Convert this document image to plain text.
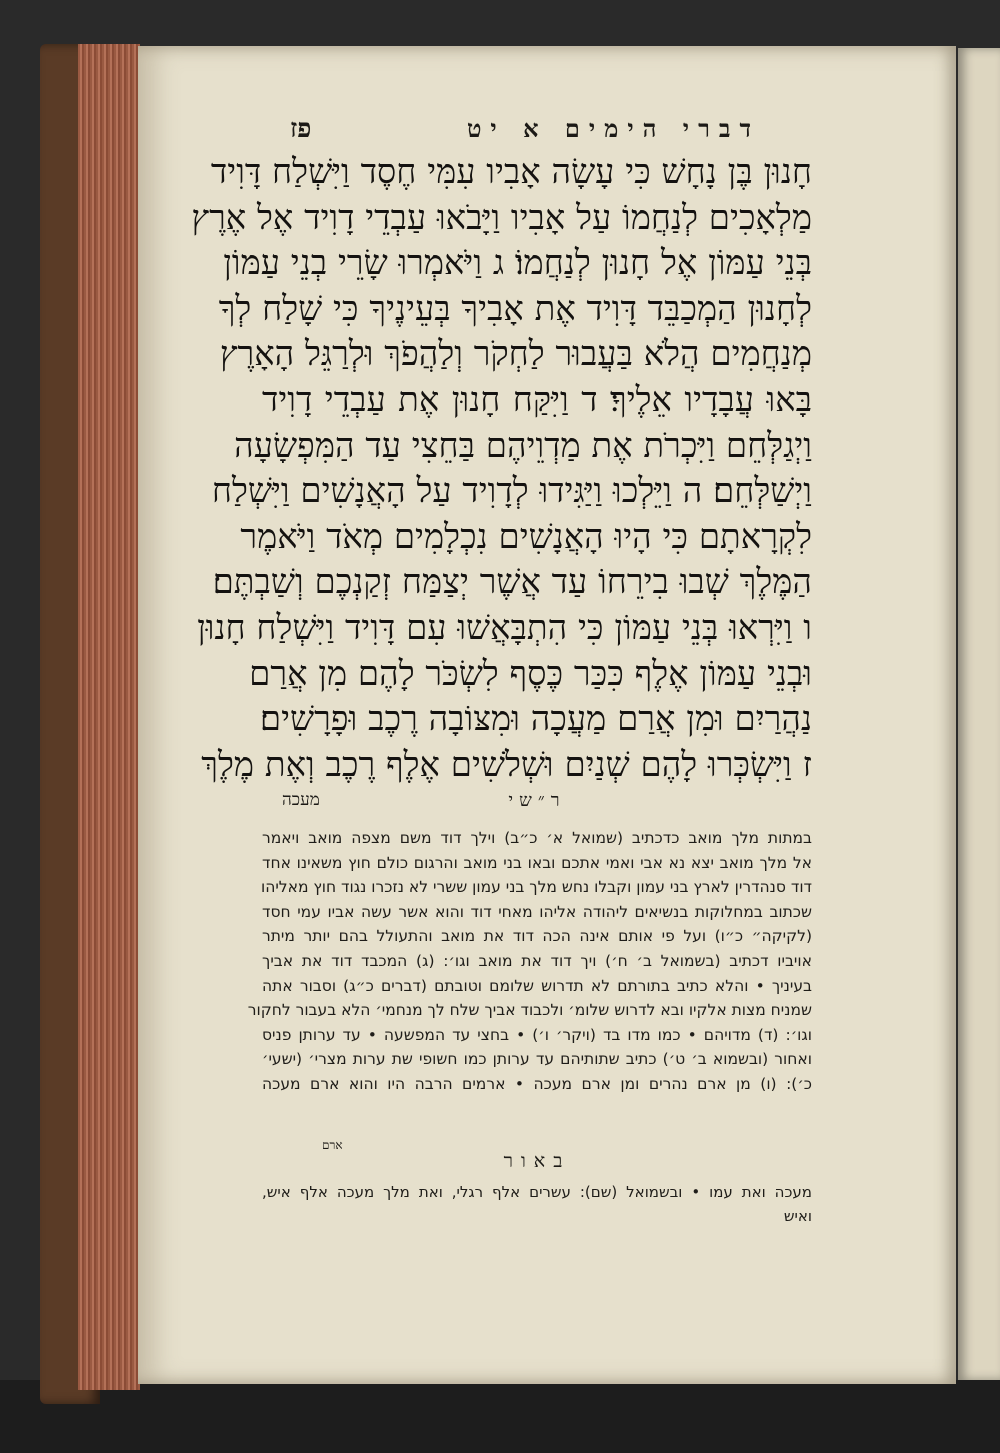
פז	דברי הימים א יט
חָנוּן בֶּן נָחָשׁ כִּי עָשָׂה אָבִיו עִמִּי חֶסֶד וַיִּשְׁלַח דָּוִיד
מַלְאָכִים לְנַחֲמוֹ עַל אָבִיו וַיָּבֹאוּ עַבְדֵי דָוִיד אֶל אֶרֶץ
בְּנֵי עַמּוֹן אֶל חָנוּן לְנַחֲמוֹ׃ ג וַיֹּאמְרוּ שָׂרֵי בְנֵי עַמּוֹן
לְחָנוּן הַמְכַבֵּד דָּוִיד אֶת אָבִיךָ בְּעֵינֶיךָ כִּי שָׁלַח לְךָ
מְנַחֲמִים הֲלֹא בַּעֲבוּר לַחְקֹר וְלַהֲפֹךְ וּלְרַגֵּל הָאָרֶץ
בָּאוּ עֲבָדָיו אֵלֶיךָ׃ ד וַיִּקַּח חָנוּן אֶת עַבְדֵי דָוִיד
וַיְגַלְּחֵם וַיִּכְרֹת אֶת מַדְוֵיהֶם בַּחֵצִי עַד הַמִּפְשָׂעָה
וַיְשַׁלְּחֵם׃ ה וַיֵּלְכוּ וַיַּגִּידוּ לְדָוִיד עַל הָאֲנָשִׁים וַיִּשְׁלַח
לִקְרָאתָם כִּי הָיוּ הָאֲנָשִׁים נִכְלָמִים מְאֹד וַיֹּאמֶר
הַמֶּלֶךְ שְׁבוּ בִירֵחוֹ עַד אֲשֶׁר יְצַמַּח זְקַנְכֶם וְשַׁבְתֶּם׃
ו וַיִּרְאוּ בְּנֵי עַמּוֹן כִּי הִתְבָּאֲשׁוּ עִם דָּוִיד וַיִּשְׁלַח חָנוּן
וּבְנֵי עַמּוֹן אֶלֶף כִּכַּר כֶּסֶף לִשְׂכֹּר לָהֶם מִן אֲרַם
נַהֲרַיִם וּמִן אֲרַם מַעֲכָה וּמִצּוֹבָה רֶכֶב וּפָרָשִׁים׃
ז וַיִּשְׂכְּרוּ לָהֶם שְׁנַיִם וּשְׁלֹשִׁים אֶלֶף רֶכֶב וְאֶת מֶלֶךְ
ר״שי
מעכה
במתות מלך מואב כדכתיב (שמואל א׳ כ״ב) וילך דוד משם מצפה מואב ויאמר
אל מלך מואב יצא נא אבי ואמי אתכם ובאו בני מואב והרגום כולם חוץ משאינו אחד
דוד סנהדרין לארץ בני עמון וקבלו נחש מלך בני עמון ששרי לא נזכרו נגוד חוץ מאליהו
שכתוב במחלוקות בנשיאים ליהודה אליהו מאחי דוד והוא אשר עשה אביו עמי חסד
(לקיקה״ כ״ו) ועל פי אותם אינה הכה דוד את מואב והתעולל בהם יותר מיתר
אויביו דכתיב (בשמואל ב׳ ח׳) ויך דוד את מואב וגו׳: (ג) המכבד דוד את אביך
בעיניך • והלא כתיב בתורתם לא תדרוש שלומם וטובתם (דברים כ״ג) וסבור אתה
שמניח מצות אלקיו ובא לדרוש שלומ׳ ולכבוד אביך שלח לך מנחמי׳ הלא בעבור לחקור
וגו׳: (ד) מדויהם • כמו מדו בד (ויקר׳ ו׳) • בחצי עד המפשעה • עד ערותן פניס
ואחור (ובשמוא ב׳ ט׳) כתיב שתותיהם עד ערותן כמו חשופי שת ערות מצרי׳ (ישעי׳
כ׳): (ו) מן ארם נהרים ומן ארם מעכה • ארמים הרבה היו והוא ארם מעכה
ארם
באור
מעכה ואת עמו • ובשמואל (שם): עשרים אלף רגלי, ואת מלך מעכה אלף איש,
ואיש
